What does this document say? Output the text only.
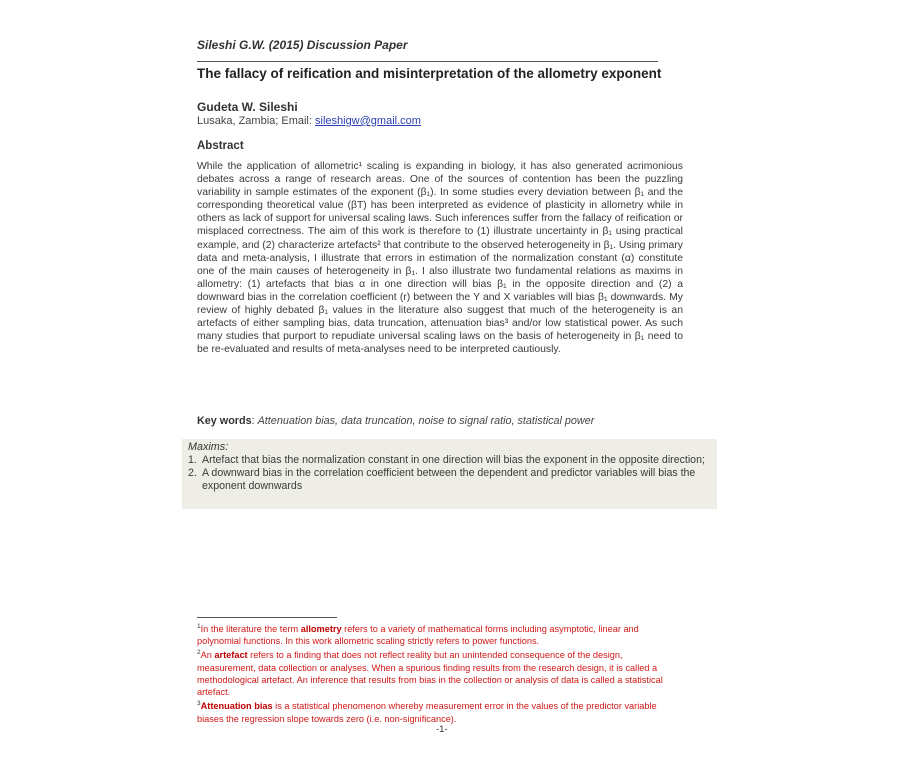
Sileshi G.W. (2015) Discussion Paper
The fallacy of reification and misinterpretation of the allometry exponent
Gudeta W. Sileshi
Lusaka, Zambia; Email: sileshigw@gmail.com
Abstract
While the application of allometric¹ scaling is expanding in biology, it has also generated acrimonious debates across a range of research areas. One of the sources of contention has been the puzzling variability in sample estimates of the exponent (β₁). In some studies every deviation between β₁ and the corresponding theoretical value (βT) has been interpreted as evidence of plasticity in allometry while in others as lack of support for universal scaling laws. Such inferences suffer from the fallacy of reification or misplaced correctness. The aim of this work is therefore to (1) illustrate uncertainty in β₁ using practical example, and (2) characterize artefacts² that contribute to the observed heterogeneity in β₁. Using primary data and meta-analysis, I illustrate that errors in estimation of the normalization constant (α) constitute one of the main causes of heterogeneity in β₁. I also illustrate two fundamental relations as maxims in allometry: (1) artefacts that bias α in one direction will bias β₁ in the opposite direction and (2) a downward bias in the correlation coefficient (r) between the Y and X variables will bias β₁ downwards. My review of highly debated β₁ values in the literature also suggest that much of the heterogeneity is an artefacts of either sampling bias, data truncation, attenuation bias³ and/or low statistical power. As such many studies that purport to repudiate universal scaling laws on the basis of heterogeneity in β₁ need to be re-evaluated and results of meta-analyses need to be interpreted cautiously.
Key words: Attenuation bias, data truncation, noise to signal ratio, statistical power
Maxims:
1. Artefact that bias the normalization constant in one direction will bias the exponent in the opposite direction;
2. A downward bias in the correlation coefficient between the dependent and predictor variables will bias the exponent downwards
$^1$In the literature the term allometry refers to a variety of mathematical forms including asymptotic, linear and polynomial functions. In this work allometric scaling strictly refers to power functions.
$^2$An artefact refers to a finding that does not reflect reality but an unintended consequence of the design, measurement, data collection or analyses. When a spurious finding results from the research design, it is called a methodological artefact. An inference that results from bias in the collection or analysis of data is called a statistical artefact.
$^3$Attenuation bias is a statistical phenomenon whereby measurement error in the values of the predictor variable biases the regression slope towards zero (i.e. non-significance).
-1-
